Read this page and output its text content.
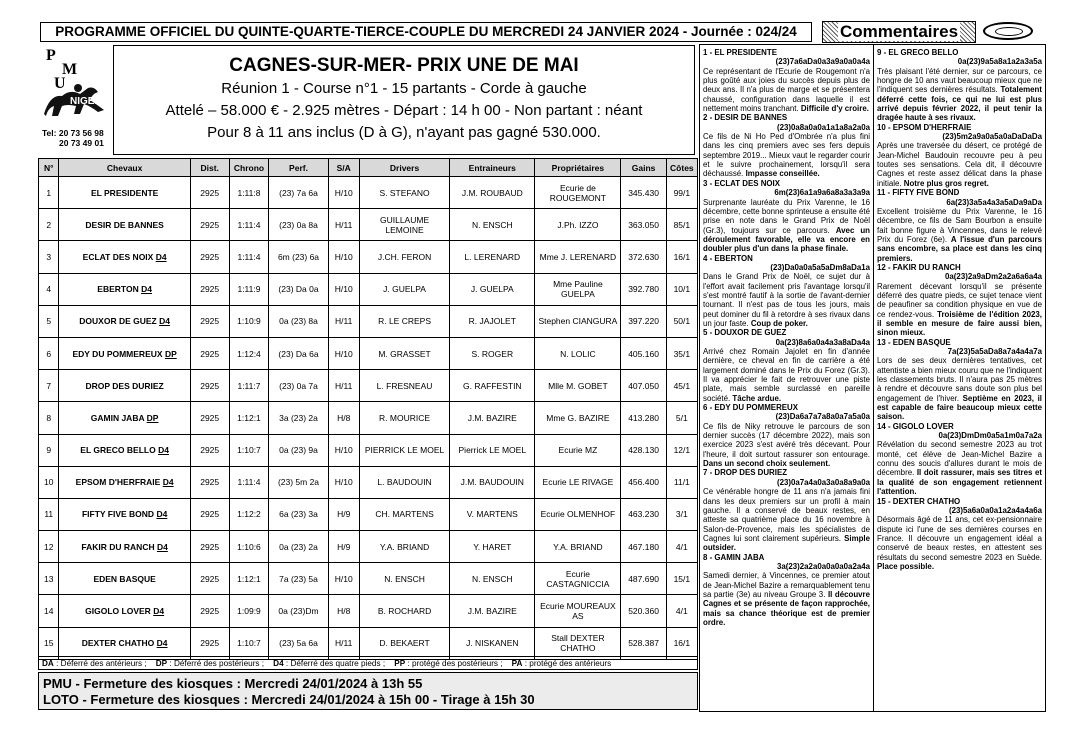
PROGRAMME OFFICIEL DU QUINTE-QUARTE-TIERCE-COUPLE DU MERCREDI 24 JANVIER 2024 - Journée : 024/24	Commentaires
P
M
U
NIGER
Tel: 20 73 56 98
20 73 49 01
CAGNES-SUR-MER- PRIX UNE DE MAI
Réunion 1 - Course n°1 - 15 partants - Corde à gauche
Attelé – 58.000 € - 2.925 mètres - Départ : 14 h 00 - Non partant : néant
Pour 8 à 11 ans inclus (D à G), n'ayant pas gagné 530.000.
N°	Chevaux	Dist.	Chrono	Perf.	S/A	Drivers	Entraineurs	Propriétaires	Gains	Côtes
1	EL PRESIDENTE	2925	1:11:8	(23) 7a 6a	H/10	S. STEFANO	J.M. ROUBAUD	Ecurie de ROUGEMONT	345.430	99/1
2	DESIR DE BANNES	2925	1:11:4	(23) 0a 8a	H/11	GUILLAUME LEMOINE	N. ENSCH	J.Ph. IZZO	363.050	85/1
3	ECLAT DES NOIX D4	2925	1:11:4	6m (23) 6a	H/10	J.CH. FERON	L. LERENARD	Mme J. LERENARD	372.630	16/1
4	EBERTON D4	2925	1:11:9	(23) Da 0a	H/10	J. GUELPA	J. GUELPA	Mme Pauline GUELPA	392.780	10/1
5	DOUXOR DE GUEZ D4	2925	1:10:9	0a (23) 8a	H/11	R. LE CREPS	R. JAJOLET	Stephen CIANGURA	397.220	50/1
6	EDY DU POMMEREUX DP	2925	1:12:4	(23) Da 6a	H/10	M. GRASSET	S. ROGER	N. LOLIC	405.160	35/1
7	DROP DES DURIEZ	2925	1:11:7	(23) 0a 7a	H/11	L. FRESNEAU	G. RAFFESTIN	Mlle M. GOBET	407.050	45/1
8	GAMIN JABA DP	2925	1:12:1	3a (23) 2a	H/8	R. MOURICE	J.M. BAZIRE	Mme G. BAZIRE	413.280	5/1
9	EL GRECO BELLO D4	2925	1:10:7	0a (23) 9a	H/10	PIERRICK LE MOEL	Pierrick LE MOEL	Ecurie MZ	428.130	12/1
10	EPSOM D'HERFRAIE D4	2925	1:11:4	(23) 5m 2a	H/10	L. BAUDOUIN	J.M. BAUDOUIN	Ecurie LE RIVAGE	456.400	11/1
11	FIFTY FIVE BOND D4	2925	1:12:2	6a (23) 3a	H/9	CH. MARTENS	V. MARTENS	Ecurie OLMENHOF	463.230	3/1
12	FAKIR DU RANCH D4	2925	1:10:6	0a (23) 2a	H/9	Y.A. BRIAND	Y. HARET	Y.A. BRIAND	467.180	4/1
13	EDEN BASQUE	2925	1:12:1	7a (23) 5a	H/10	N. ENSCH	N. ENSCH	Ecurie CASTAGNICCIA	487.690	15/1
14	GIGOLO LOVER D4	2925	1:09:9	0a (23)Dm	H/8	B. ROCHARD	J.M. BAZIRE	Ecurie MOUREAUX AS	520.360	4/1
15	DEXTER CHATHO D4	2925	1:10:7	(23) 5a 6a	H/11	D. BEKAERT	J. NISKANEN	Stall DEXTER CHATHO	528.387	16/1
DA : Déferré des antérieurs ;    DP : Déferré des postérieurs ;    D4 : Déferré des quatre pieds ;    PP : protégé des postérieurs ;    PA : protégé des antérieurs
PMU - Fermeture des kiosques : Mercredi 24/01/2024 à 13h 55
LOTO - Fermeture des kiosques : Mercredi 24/01/2024 à 15h 00 - Tirage à 15h 30
1 - EL PRESIDENTE
(23)7a6aDa0a3a9a0a0a4a
Ce représentant de l'Ecurie de Rougemont n'a plus goûté aux joies du succès depuis plus de deux ans. Il n'a plus de marge et se présentera chaussé, configuration dans laquelle il est nettement moins tranchant. Difficile d'y croire.
2 - DESIR DE BANNES
(23)0a8a0a0a1a1a8a2a0a
Ce fils de Ni Ho Ped d'Ombrée n'a plus fini dans les cinq premiers avec ses fers depuis septembre 2019... Mieux vaut le regarder courir et le suivre prochainement, lorsqu'il sera déchaussé. Impasse conseillée.
3 - ECLAT DES NOIX
6m(23)6a1a9a6a8a3a3a9a
Surprenante lauréate du Prix Varenne, le 16 décembre, cette bonne sprinteuse a ensuite été prise en note dans le Grand Prix de Noël (Gr.3), toujours sur ce parcours. Avec un déroulement favorable, elle va encore en doubler plus d'un dans la phase finale.
4 - EBERTON
(23)Da0a0a5a5aDm8aDa1a
Dans le Grand Prix de Noël, ce sujet dur à l'effort avait facilement pris l'avantage lorsqu'il s'est montré fautif à la sortie de l'avant-dernier tournant. Il n'est pas de tous les jours, mais peut dominer du fil à retordre à ses rivaux dans un jour faste. Coup de poker.
5 - DOUXOR DE GUEZ
0a(23)8a6a0a4a3a8aDa4a
Arrivé chez Romain Jajolet en fin d'année dernière, ce cheval en fin de carrière a été largement dominé dans le Prix du Forez (Gr.3). Il va apprécier le fait de retrouver une piste plate, mais semble surclassé en pareille société. Tâche ardue.
6 - EDY DU POMMEREUX
(23)Da6a7a7a8a0a7a5a0a
Ce fils de Niky retrouve le parcours de son dernier succès (17 décembre 2022), mais son exercice 2023 s'est avéré très décevant. Pour l'heure, il doit surtout rassurer son entourage. Dans un second choix seulement.
7 - DROP DES DURIEZ
(23)0a7a4a0a3a0a8a9a0a
Ce vénérable hongre de 11 ans n'a jamais fini dans les deux premiers sur un profil à main gauche. Il a conservé de beaux restes, en atteste sa quatrième place du 16 novembre à Salon-de-Provence, mais les spécialistes de Cagnes lui sont clairement supérieurs. Simple outsider.
8 - GAMIN JABA
3a(23)2a2a0a0a0a0a2a4a
Samedi dernier, à Vincennes, ce premier atout de Jean-Michel Bazire a remarquablement tenu sa partie (3e) au niveau Groupe 3. Il découvre Cagnes et se présente de façon rapprochée, mais sa chance théorique est de premier ordre.
9 - EL GRECO BELLO
0a(23)9a5a8a1a2a3a5a
Très plaisant l'été dernier, sur ce parcours, ce hongre de 10 ans vaut beaucoup mieux que ne l'indiquent ses dernières résultats. Totalement déferré cette fois, ce qui ne lui est plus arrivé depuis février 2022, il peut tenir la dragée haute à ses rivaux.
10 - EPSOM D'HERFRAIE
(23)5m2a9a0a5a0aDaDaDa
Après une traversée du désert, ce protégé de Jean-Michel Baudouin recouvre peu à peu toutes ses sensations. Cela dit, il découvre Cagnes et reste assez délicat dans la phase initiale. Notre plus gros regret.
11 - FIFTY FIVE BOND
6a(23)3a5a4a3a5aDa9aDa
Excellent troisième du Prix Varenne, le 16 décembre, ce fils de Sam Bourbon a ensuite fait bonne figure à Vincennes, dans le relevé Prix du Forez (6e). A l'issue d'un parcours sans encombre, sa place est dans les cinq premiers.
12 - FAKIR DU RANCH
0a(23)2a9aDm2a2a6a6a4a
Rarement décevant lorsqu'il se présente déferré des quatre pieds, ce sujet tenace vient de peaufiner sa condition physique en vue de ce rendez-vous. Troisième de l'édition 2023, il semble en mesure de faire aussi bien, sinon mieux.
13 - EDEN BASQUE
7a(23)5a5aDa8a7a4a4a7a
Lors de ses deux dernières tentatives, cet attentiste a bien mieux couru que ne l'indiquent les classements bruts. Il n'aura pas 25 mètres à rendre et découvre sans doute son plus bel engagement de l'hiver. Septième en 2023, il est capable de faire beaucoup mieux cette saison.
14 - GIGOLO LOVER
0a(23)DmDm0a5a1m0a7a2a
Révélation du second semestre 2023 au trot monté, cet élève de Jean-Michel Bazire a connu des soucis d'allures durant le mois de décembre. Il doit rassurer, mais ses titres et la qualité de son engagement retiennent l'attention.
15 - DEXTER CHATHO
(23)5a6a0a0a1a2a4a4a6a
Désormais âgé de 11 ans, cet ex-pensionnaire dispute ici l'une de ses dernières courses en France. Il découvre un engagement idéal a conservé de beaux restes, en attestent ses résultats du second semestre 2023 en Suède. Place possible.
